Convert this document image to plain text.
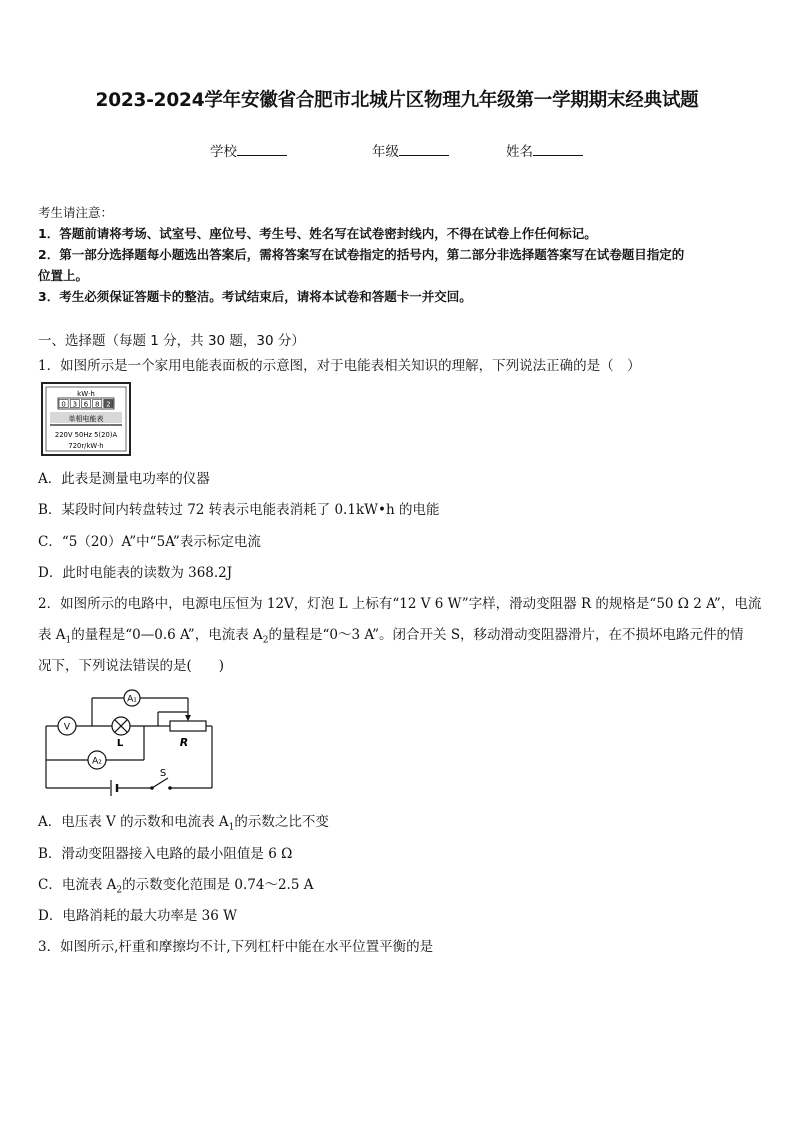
2023-2024学年安徽省合肥市北城片区物理九年级第一学期期末经典试题
学校	年级	姓名
考生请注意：
1．答题前请将考场、试室号、座位号、考生号、姓名写在试卷密封线内，不得在试卷上作任何标记。
2．第一部分选择题每小题选出答案后，需将答案写在试卷指定的括号内，第二部分非选择题答案写在试卷题目指定的
位置上。
3．考生必须保证答题卡的整洁。考试结束后，请将本试卷和答题卡一并交回。
一、选择题（每题 1 分，共 30 题，30 分）
1．如图所示是一个家用电能表面板的示意图，对于电能表相关知识的理解，下列说法正确的是（　）
kW·h
0 3 6 8 2
单相电能表
220V 50Hz 5(20)A
720r/kW·h
A．此表是测量电功率的仪器
B．某段时间内转盘转过 72 转表示电能表消耗了 0.1kW•h 的电能
C．“5（20）A”中“5A”表示标定电流
D．此时电能表的读数为 368.2J
2．如图所示的电路中，电源电压恒为 12V，灯泡 L 上标有“12 V 6 W”字样，滑动变阻器 R 的规格是“50 Ω 2 A”，电流
表 $A_1$的量程是“0—0.6 A”，电流表 $A_2$的量程是“0～3 A”。闭合开关 S，移动滑动变阻器滑片，在不损坏电路元件的情
况下，下列说法错误的是(　　)
A₁
V
A₂
L	R
S
A．电压表 V 的示数和电流表 $A_1$的示数之比不变
B．滑动变阻器接入电路的最小阻值是 6 Ω
C．电流表 $A_2$的示数变化范围是 0.74～2.5 A
D．电路消耗的最大功率是 36 W
3．如图所示,杆重和摩擦均不计,下列杠杆中能在水平位置平衡的是
